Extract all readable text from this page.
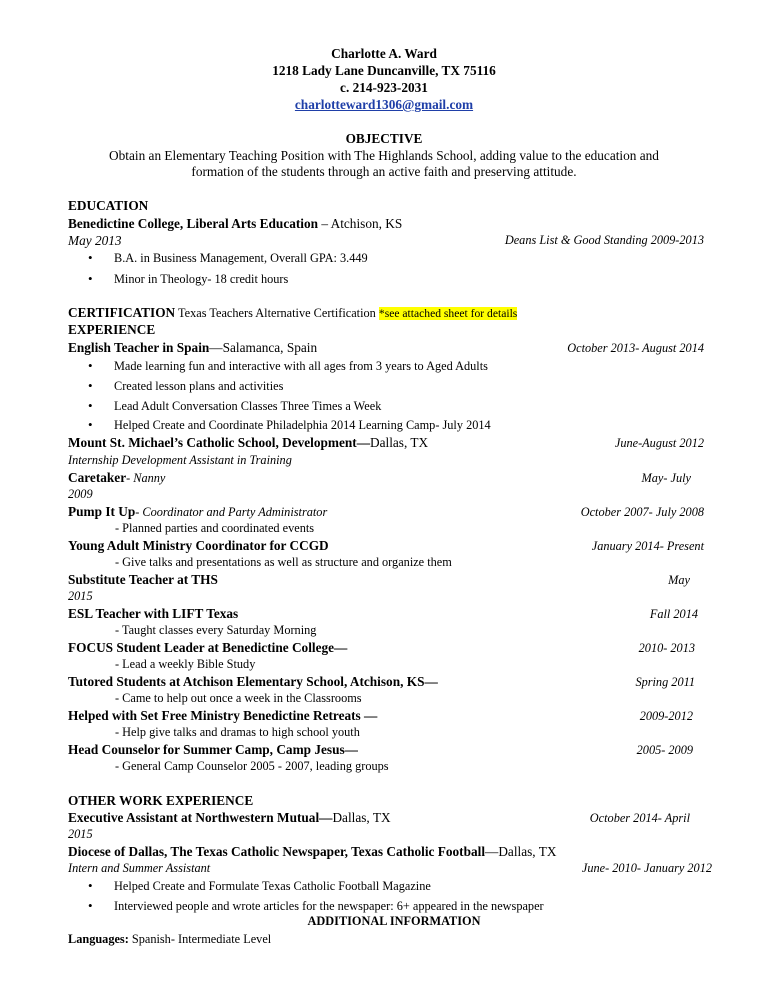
Charlotte A. Ward
1218 Lady Lane Duncanville, TX 75116
c. 214-923-2031
charlotteward1306@gmail.com
OBJECTIVE
Obtain an Elementary Teaching Position with The Highlands School, adding value to the education and
formation of the students through an active faith and preserving attitude.
EDUCATION
Benedictine College, Liberal Arts Education – Atchison, KS
May 2013	Deans List & Good Standing 2009-2013
• B.A. in Business Management, Overall GPA: 3.449
• Minor in Theology- 18 credit hours
CERTIFICATION Texas Teachers Alternative Certification *see attached sheet for details
EXPERIENCE
English Teacher in Spain—Salamanca, Spain	October 2013- August 2014
• Made learning fun and interactive with all ages from 3 years to Aged Adults
• Created lesson plans and activities
• Lead Adult Conversation Classes Three Times a Week
• Helped Create and Coordinate Philadelphia 2014 Learning Camp- July 2014
Mount St. Michael’s Catholic School, Development—Dallas, TX	June-August 2012
Internship Development Assistant in Training
Caretaker- Nanny	May- July
2009
Pump It Up- Coordinator and Party Administrator	October 2007- July 2008
- Planned parties and coordinated events
Young Adult Ministry Coordinator for CCGD	January 2014- Present
- Give talks and presentations as well as structure and organize them
Substitute Teacher at THS	May
2015
ESL Teacher with LIFT Texas	Fall 2014
- Taught classes every Saturday Morning
FOCUS Student Leader at Benedictine College—	2010- 2013
- Lead a weekly Bible Study
Tutored Students at Atchison Elementary School, Atchison, KS—	Spring 2011
- Came to help out once a week in the Classrooms
Helped with Set Free Ministry Benedictine Retreats —	2009-2012
- Help give talks and dramas to high school youth
Head Counselor for Summer Camp, Camp Jesus—	2005- 2009
- General Camp Counselor 2005 - 2007, leading groups
OTHER WORK EXPERIENCE
Executive Assistant at Northwestern Mutual—Dallas, TX	October 2014- April
2015
Diocese of Dallas, The Texas Catholic Newspaper, Texas Catholic Football—Dallas, TX
Intern and Summer Assistant	June- 2010- January 2012
• Helped Create and Formulate Texas Catholic Football Magazine
• Interviewed people and wrote articles for the newspaper: 6+ appeared in the newspaper
ADDITIONAL INFORMATION
Languages: Spanish- Intermediate Level
